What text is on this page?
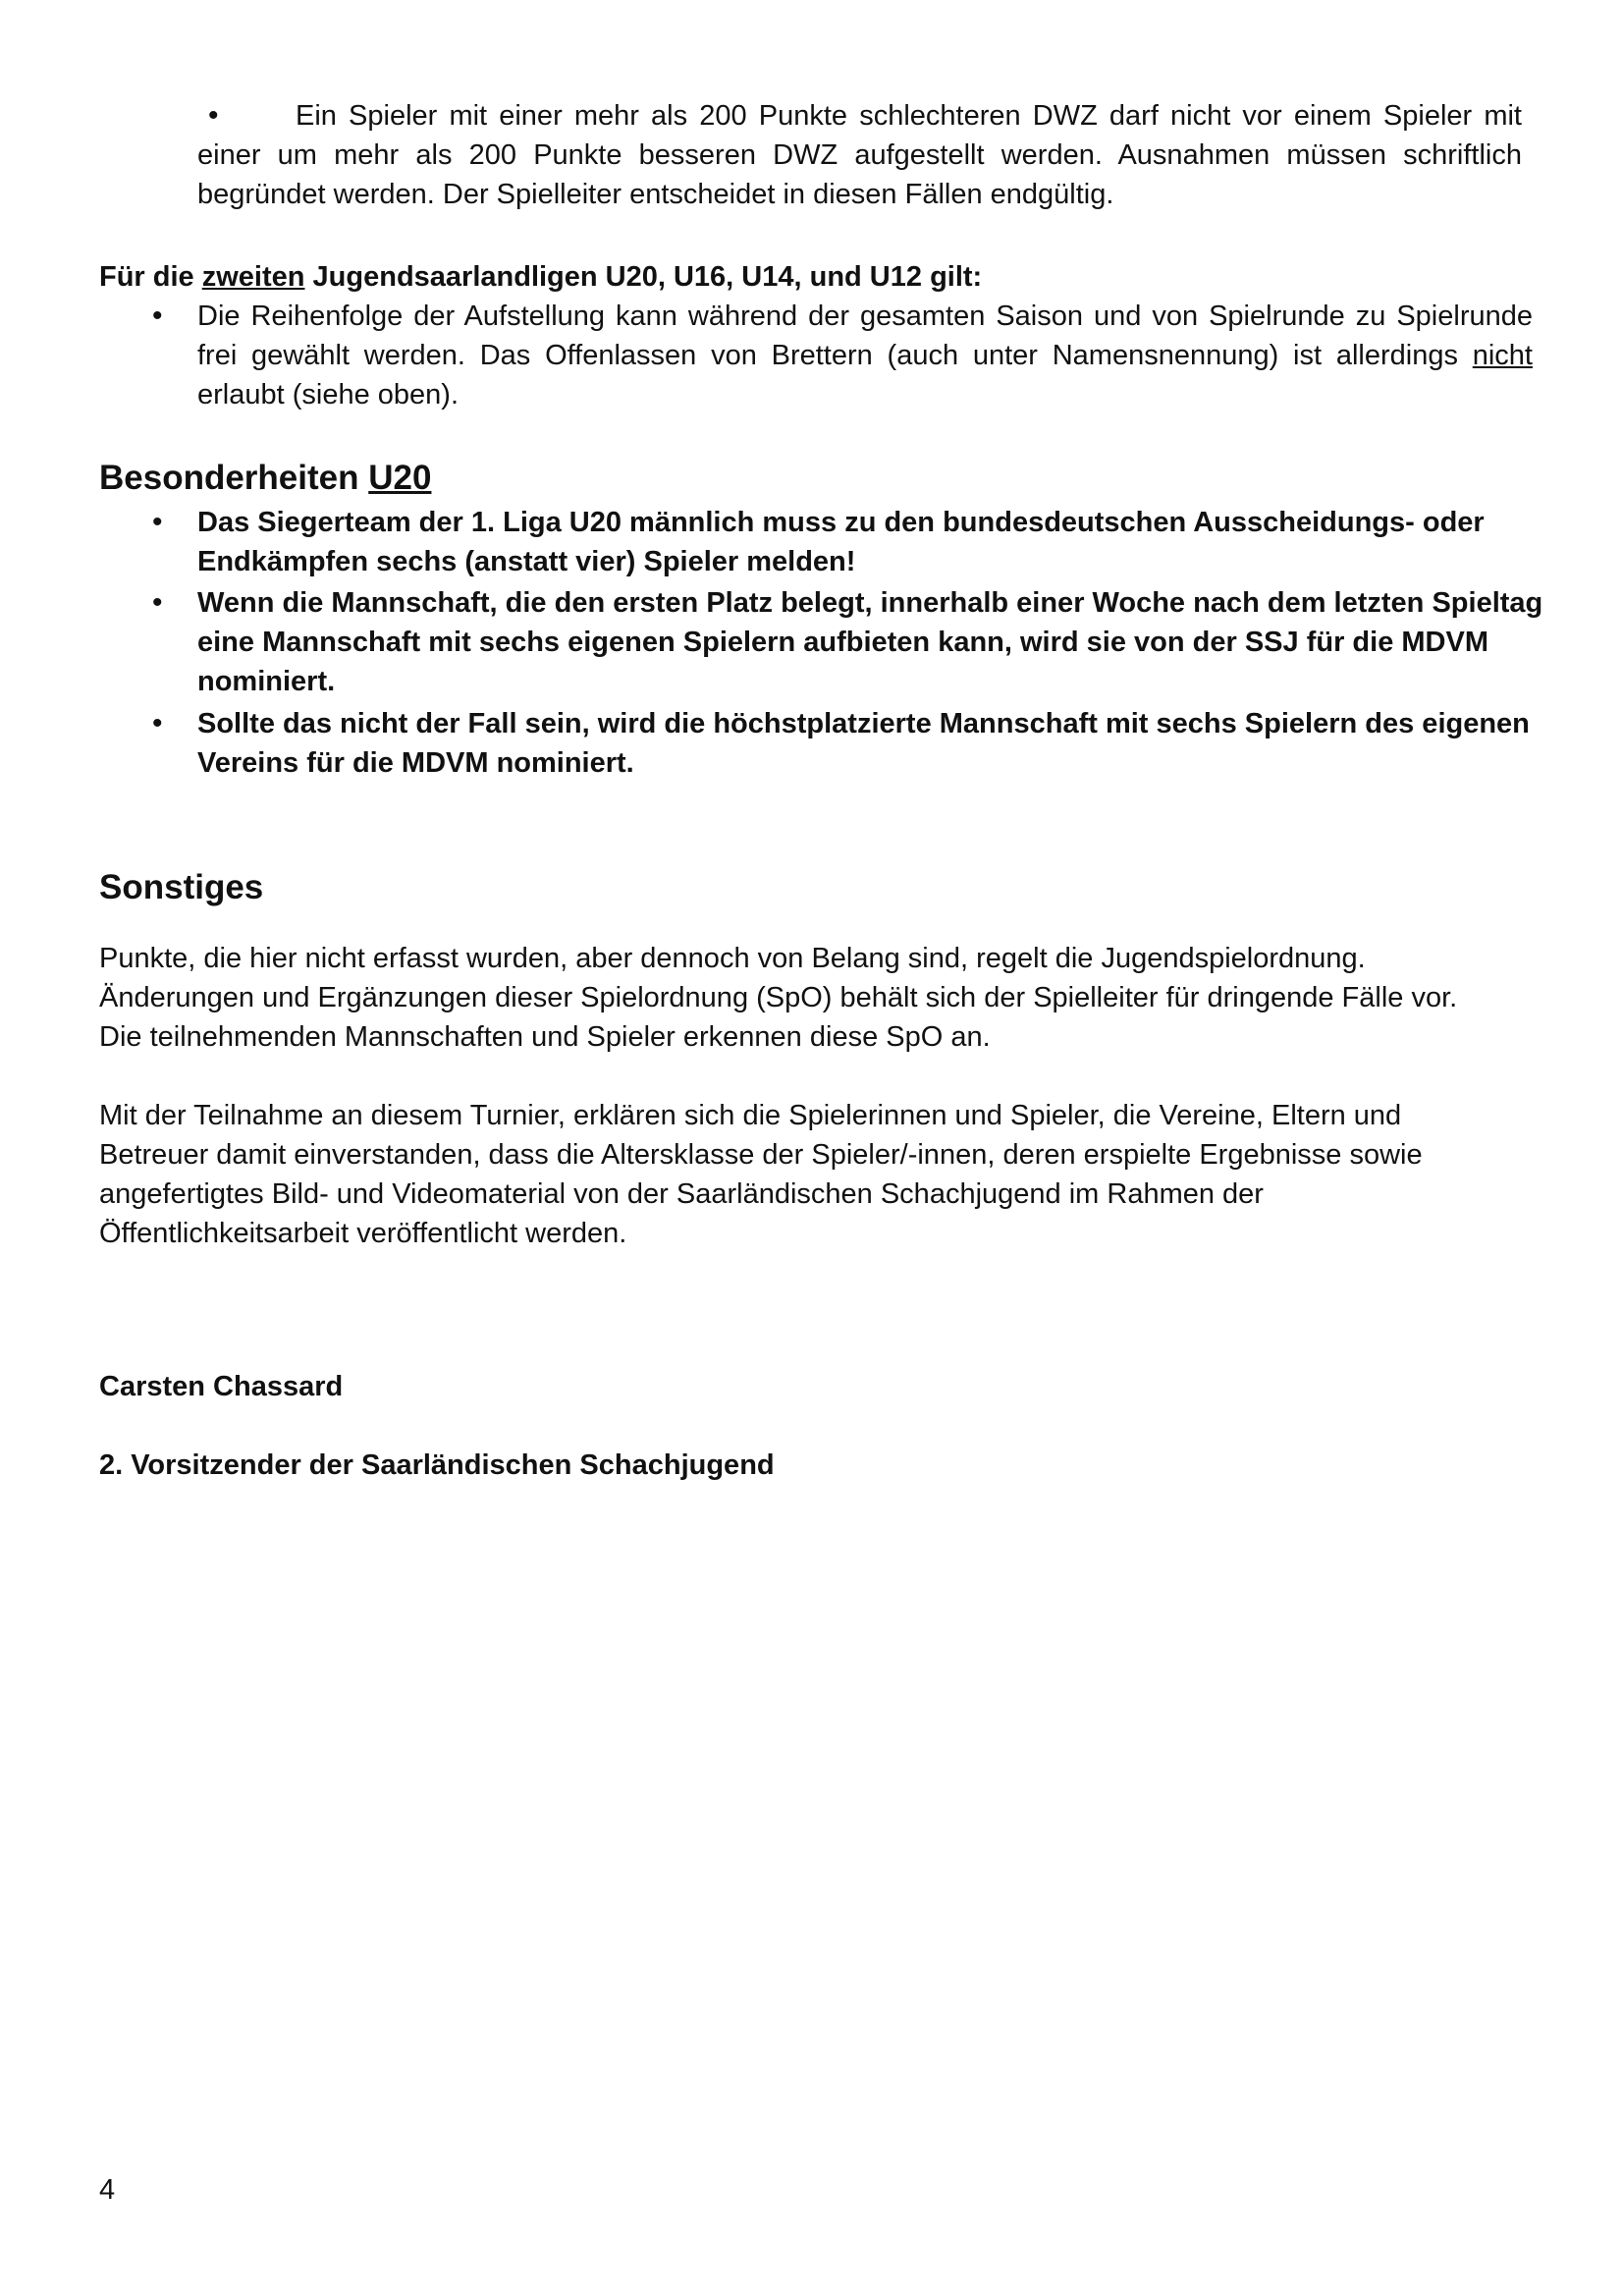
•	Ein Spieler mit einer mehr als 200 Punkte schlechteren DWZ darf nicht vor einem Spieler mit einer um mehr als 200 Punkte besseren DWZ aufgestellt werden. Ausnahmen müssen schriftlich begründet werden. Der Spielleiter entscheidet in diesen Fällen endgültig.
Für die zweiten Jugendsaarlandligen U20, U16, U14, und U12 gilt:
• Die Reihenfolge der Aufstellung kann während der gesamten Saison und von Spielrunde zu Spielrunde frei gewählt werden. Das Offenlassen von Brettern (auch unter Namensnennung) ist allerdings nicht erlaubt (siehe oben).
Besonderheiten U20
• Das Siegerteam der 1. Liga U20 männlich muss zu den bundesdeutschen Ausscheidungs- oder Endkämpfen sechs (anstatt vier) Spieler melden!
• Wenn die Mannschaft, die den ersten Platz belegt, innerhalb einer Woche nach dem letzten Spieltag eine Mannschaft mit sechs eigenen Spielern aufbieten kann, wird sie von der SSJ für die MDVM nominiert.
• Sollte das nicht der Fall sein, wird die höchstplatzierte Mannschaft mit sechs Spielern des eigenen Vereins für die MDVM nominiert.
Sonstiges
Punkte, die hier nicht erfasst wurden, aber dennoch von Belang sind, regelt die Jugendspielordnung.
Änderungen und Ergänzungen dieser Spielordnung (SpO) behält sich der Spielleiter für dringende Fälle vor.
Die teilnehmenden Mannschaften und Spieler erkennen diese SpO an.
Mit der Teilnahme an diesem Turnier, erklären sich die Spielerinnen und Spieler, die Vereine, Eltern und
Betreuer damit einverstanden, dass die Altersklasse der Spieler/-innen, deren erspielte Ergebnisse sowie
angefertigtes Bild- und Videomaterial von der Saarländischen Schachjugend im Rahmen der
Öffentlichkeitsarbeit veröffentlicht werden.
Carsten Chassard
2. Vorsitzender der Saarländischen Schachjugend
4
